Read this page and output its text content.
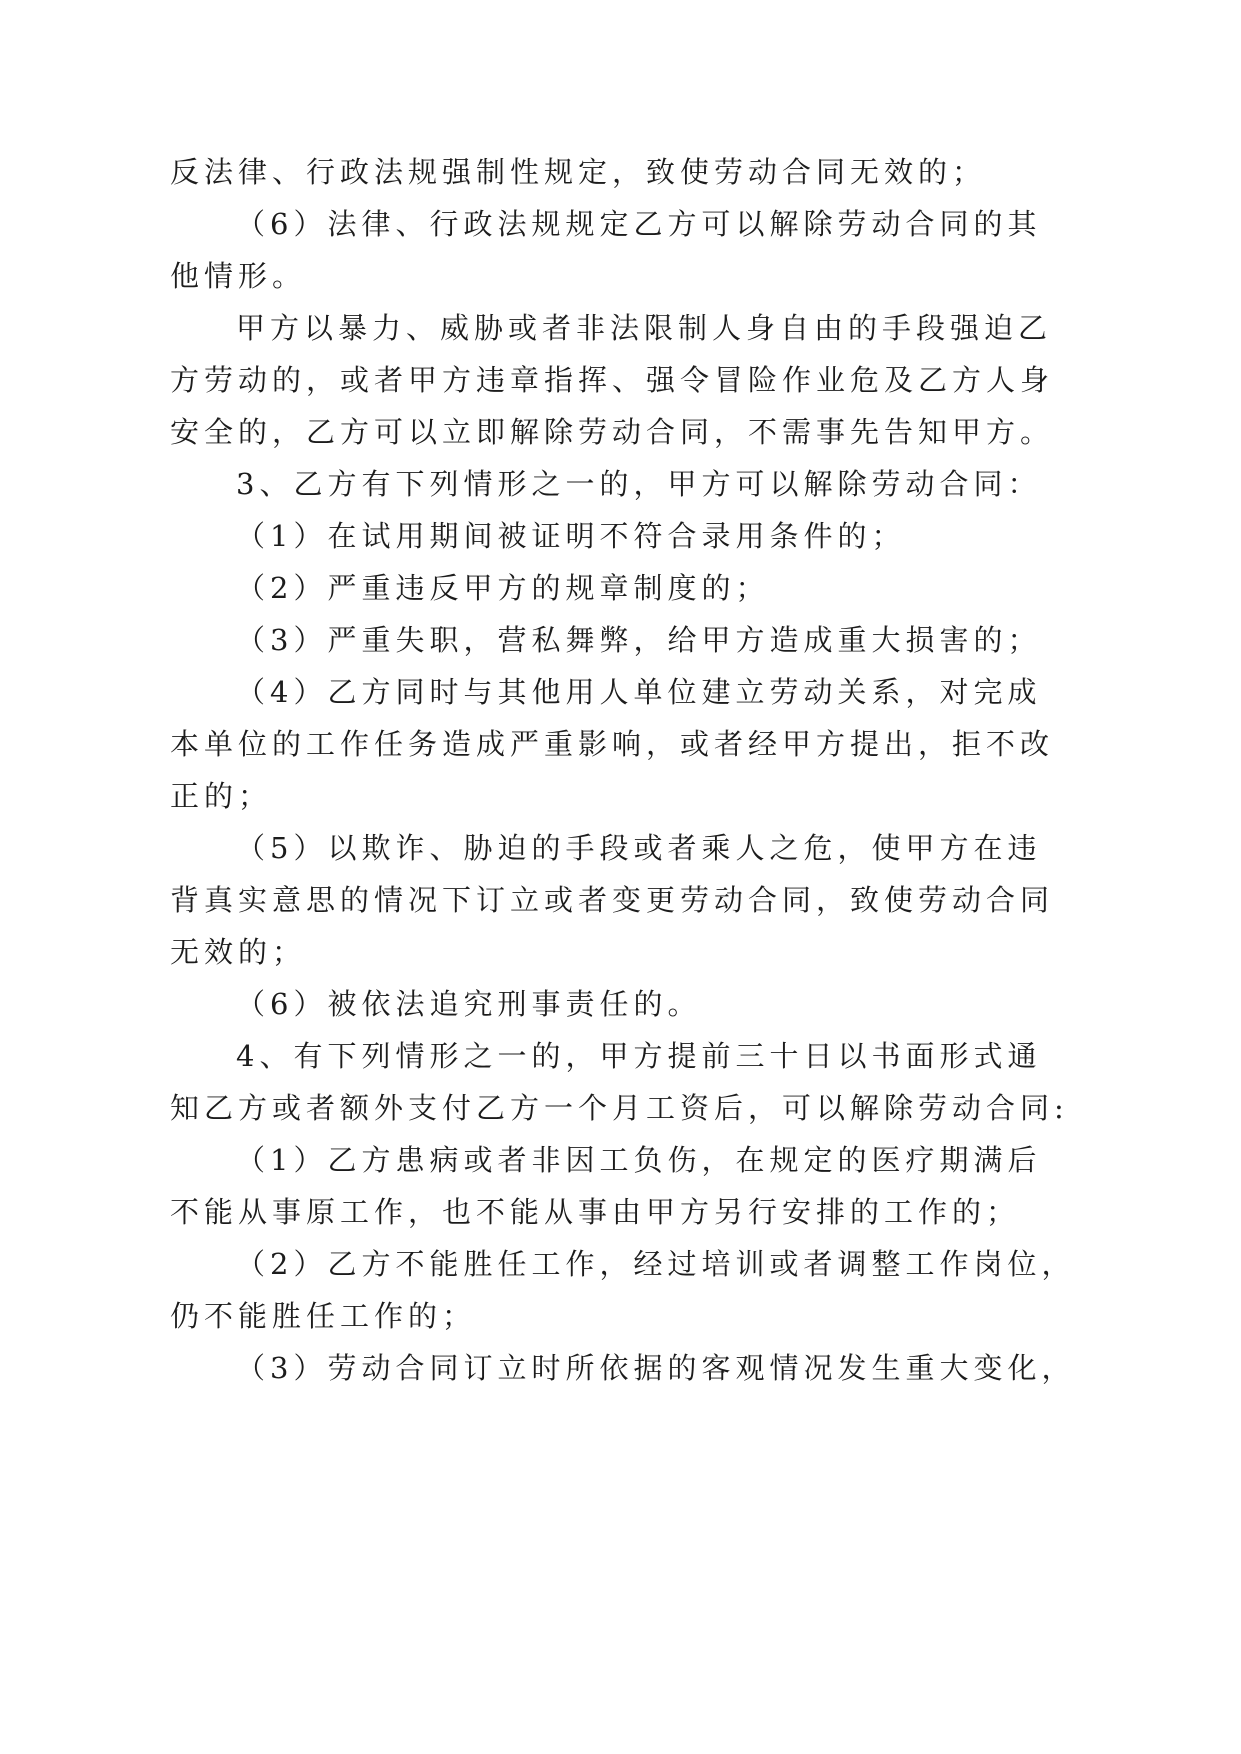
反法律、行政法规强制性规定，致使劳动合同无效的；
（6）法律、行政法规规定乙方可以解除劳动合同的其
他情形。
甲方以暴力、威胁或者非法限制人身自由的手段强迫乙
方劳动的，或者甲方违章指挥、强令冒险作业危及乙方人身
安全的，乙方可以立即解除劳动合同，不需事先告知甲方。
3、乙方有下列情形之一的，甲方可以解除劳动合同：
（1）在试用期间被证明不符合录用条件的；
（2）严重违反甲方的规章制度的；
（3）严重失职，营私舞弊，给甲方造成重大损害的；
（4）乙方同时与其他用人单位建立劳动关系，对完成
本单位的工作任务造成严重影响，或者经甲方提出，拒不改
正的；
（5）以欺诈、胁迫的手段或者乘人之危，使甲方在违
背真实意思的情况下订立或者变更劳动合同，致使劳动合同
无效的；
（6）被依法追究刑事责任的。
4、有下列情形之一的，甲方提前三十日以书面形式通
知乙方或者额外支付乙方一个月工资后，可以解除劳动合同:
（1）乙方患病或者非因工负伤，在规定的医疗期满后
不能从事原工作，也不能从事由甲方另行安排的工作的；
（2）乙方不能胜任工作，经过培训或者调整工作岗位，
仍不能胜任工作的；
（3）劳动合同订立时所依据的客观情况发生重大变化，
